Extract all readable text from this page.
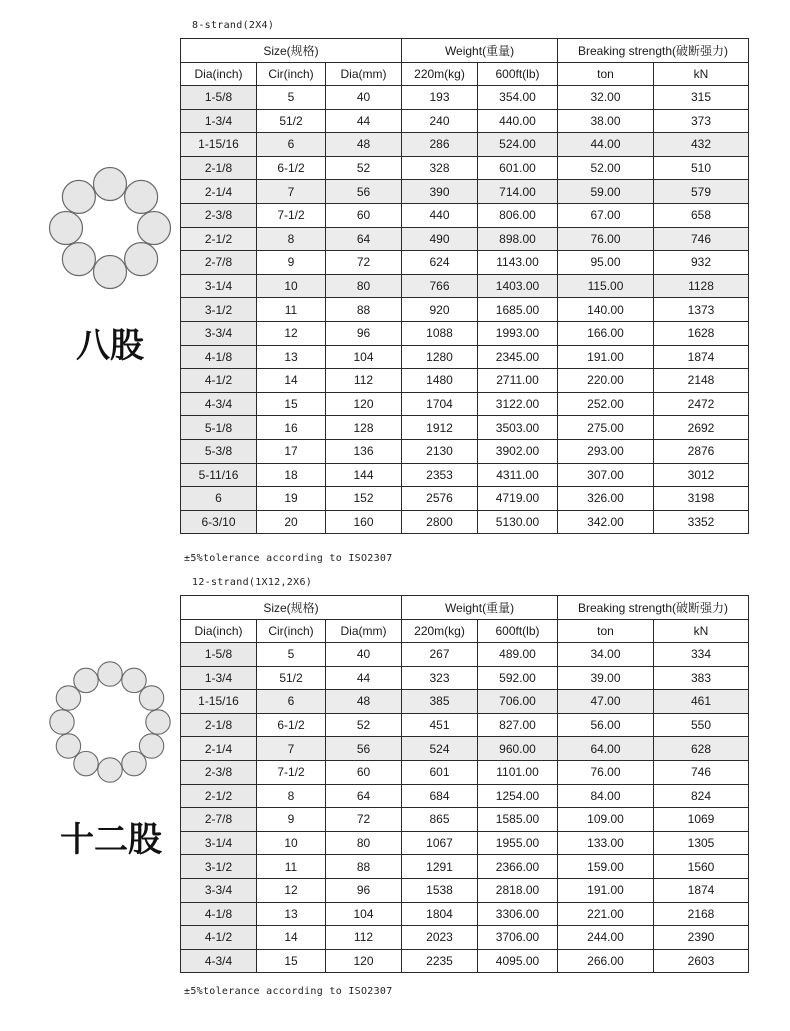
8-strand(2X4)
八股
Size(规格)			Weight(重量)		Breaking strength(破断强力)	
Dia(inch)	Cir(inch)	Dia(mm)	220m(kg)	600ft(lb)	ton	kN
1-5/8	5	40	193	354.00	32.00	315
1-3/4	51/2	44	240	440.00	38.00	373
1-15/16	6	48	286	524.00	44.00	432
2-1/8	6-1/2	52	328	601.00	52.00	510
2-1/4	7	56	390	714.00	59.00	579
2-3/8	7-1/2	60	440	806.00	67.00	658
2-1/2	8	64	490	898.00	76.00	746
2-7/8	9	72	624	1143.00	95.00	932
3-1/4	10	80	766	1403.00	115.00	1128
3-1/2	11	88	920	1685.00	140.00	1373
3-3/4	12	96	1088	1993.00	166.00	1628
4-1/8	13	104	1280	2345.00	191.00	1874
4-1/2	14	112	1480	2711.00	220.00	2148
4-3/4	15	120	1704	3122.00	252.00	2472
5-1/8	16	128	1912	3503.00	275.00	2692
5-3/8	17	136	2130	3902.00	293.00	2876
5-11/16	18	144	2353	4311.00	307.00	3012
6	19	152	2576	4719.00	326.00	3198
6-3/10	20	160	2800	5130.00	342.00	3352
±5%tolerance according to ISO2307
12-strand(1X12,2X6)
十二股
Size(规格)			Weight(重量)		Breaking strength(破断强力)	
Dia(inch)	Cir(inch)	Dia(mm)	220m(kg)	600ft(lb)	ton	kN
1-5/8	5	40	267	489.00	34.00	334
1-3/4	51/2	44	323	592.00	39.00	383
1-15/16	6	48	385	706.00	47.00	461
2-1/8	6-1/2	52	451	827.00	56.00	550
2-1/4	7	56	524	960.00	64.00	628
2-3/8	7-1/2	60	601	1101.00	76.00	746
2-1/2	8	64	684	1254.00	84.00	824
2-7/8	9	72	865	1585.00	109.00	1069
3-1/4	10	80	1067	1955.00	133.00	1305
3-1/2	11	88	1291	2366.00	159.00	1560
3-3/4	12	96	1538	2818.00	191.00	1874
4-1/8	13	104	1804	3306.00	221.00	2168
4-1/2	14	112	2023	3706.00	244.00	2390
4-3/4	15	120	2235	4095.00	266.00	2603
±5%tolerance according to ISO2307
